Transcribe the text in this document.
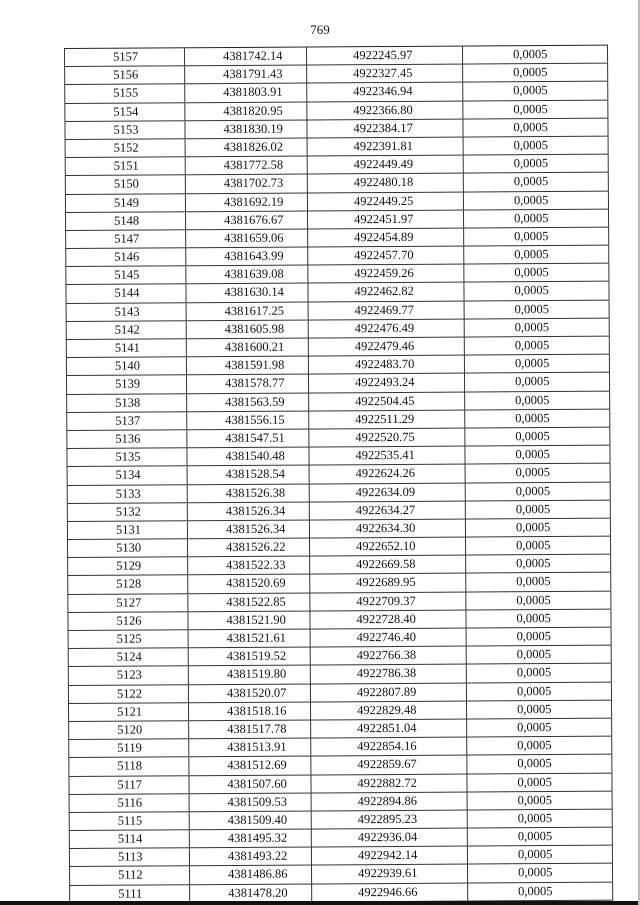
769
5157	4381742.14	4922245.97	0,0005
5156	4381791.43	4922327.45	0,0005
5155	4381803.91	4922346.94	0,0005
5154	4381820.95	4922366.80	0,0005
5153	4381830.19	4922384.17	0,0005
5152	4381826.02	4922391.81	0,0005
5151	4381772.58	4922449.49	0,0005
5150	4381702.73	4922480.18	0,0005
5149	4381692.19	4922449.25	0,0005
5148	4381676.67	4922451.97	0,0005
5147	4381659.06	4922454.89	0,0005
5146	4381643.99	4922457.70	0,0005
5145	4381639.08	4922459.26	0,0005
5144	4381630.14	4922462.82	0,0005
5143	4381617.25	4922469.77	0,0005
5142	4381605.98	4922476.49	0,0005
5141	4381600.21	4922479.46	0,0005
5140	4381591.98	4922483.70	0,0005
5139	4381578.77	4922493.24	0,0005
5138	4381563.59	4922504.45	0,0005
5137	4381556.15	4922511.29	0,0005
5136	4381547.51	4922520.75	0,0005
5135	4381540.48	4922535.41	0,0005
5134	4381528.54	4922624.26	0,0005
5133	4381526.38	4922634.09	0,0005
5132	4381526.34	4922634.27	0,0005
5131	4381526.34	4922634.30	0,0005
5130	4381526.22	4922652.10	0,0005
5129	4381522.33	4922669.58	0,0005
5128	4381520.69	4922689.95	0,0005
5127	4381522.85	4922709.37	0,0005
5126	4381521.90	4922728.40	0,0005
5125	4381521.61	4922746.40	0,0005
5124	4381519.52	4922766.38	0,0005
5123	4381519.80	4922786.38	0,0005
5122	4381520.07	4922807.89	0,0005
5121	4381518.16	4922829.48	0,0005
5120	4381517.78	4922851.04	0,0005
5119	4381513.91	4922854.16	0,0005
5118	4381512.69	4922859.67	0,0005
5117	4381507.60	4922882.72	0,0005
5116	4381509.53	4922894.86	0,0005
5115	4381509.40	4922895.23	0,0005
5114	4381495.32	4922936.04	0,0005
5113	4381493.22	4922942.14	0,0005
5112	4381486.86	4922939.61	0,0005
5111	4381478.20	4922946.66	0,0005
